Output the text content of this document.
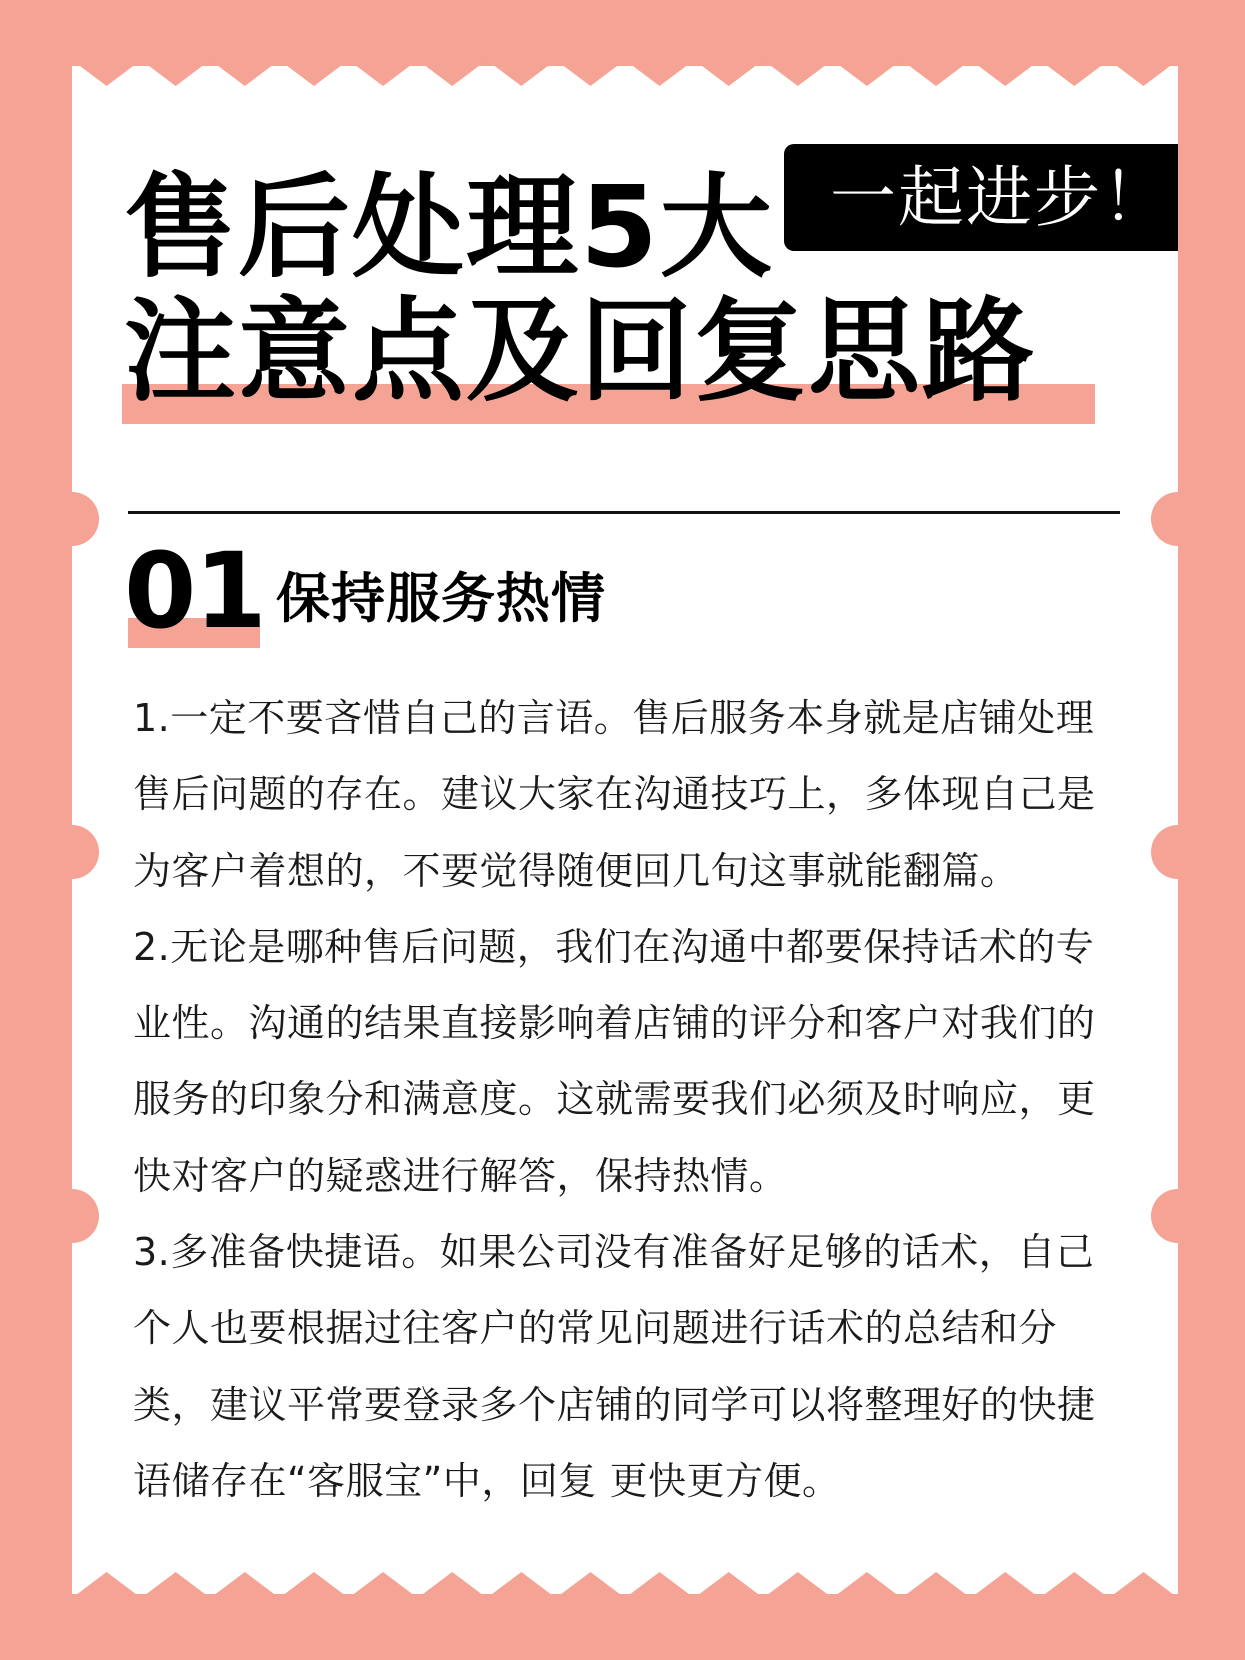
一起进步！
售后处理5大
注意点及回复思路
01 保持服务热情

1.一定不要吝惜自己的言语。售后服务本身就是店铺处理售后问题的存在。建议大家在沟通技巧上，多体现自己是为客户着想的，不要觉得随便回几句这事就能翻篇。

2.无论是哪种售后问题，我们在沟通中都要保持话术的专业性。沟通的结果直接影响着店铺的评分和客户对我们的服务的印象分和满意度。这就需要我们必须及时响应，更快对客户的疑惑进行解答，保持热情。

3.多准备快捷语。如果公司没有准备好足够的话术，自己个人也要根据过往客户的常见问题进行话术的总结和分类，建议平常要登录多个店铺的同学可以将整理好的快捷语储存在“客服宝”中，回复 更快更方便。
